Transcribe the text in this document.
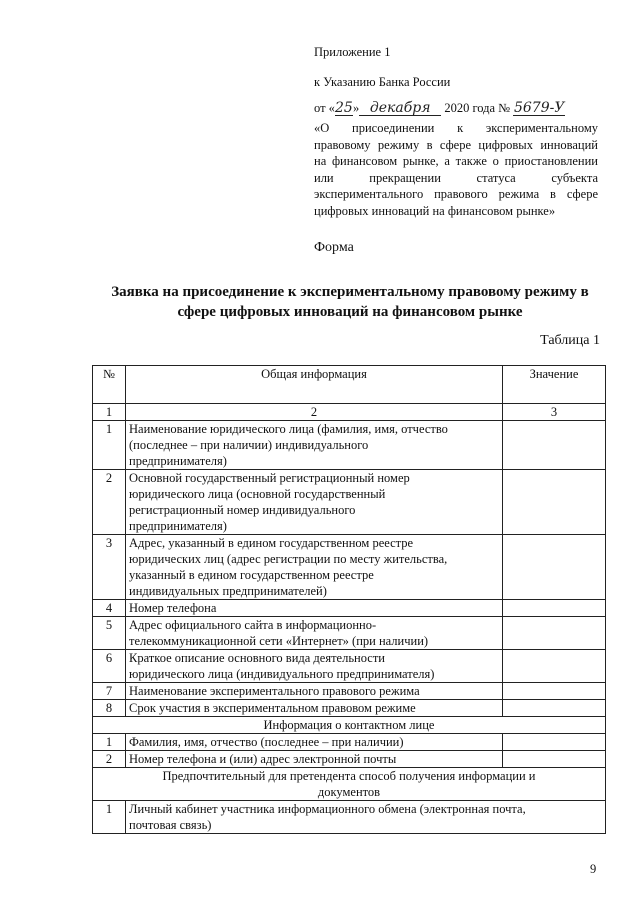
Приложение 1
к Указанию Банка России
от «25» декабря 2020 года № 5679-У
«О присоединении к экспериментальному
правовому режиму в сфере цифровых инноваций
на финансовом рынке, а также о приостановлении
или прекращении статуса субъекта
экспериментального правового режима в сфере
цифровых инноваций на финансовом рынке»
Форма
Заявка на присоединение к экспериментальному правовому режиму в
сфере цифровых инноваций на финансовом рынке
Таблица 1
№	Общая информация	Значение
1	2	3
1	Наименование юридического лица (фамилия, имя, отчество
(последнее – при наличии) индивидуального
предпринимателя)	

2	Основной государственный регистрационный номер
юридического лица (основной государственный
регистрационный номер индивидуального
предпринимателя)	

3	Адрес, указанный в едином государственном реестре
юридических лиц (адрес регистрации по месту жительства,
указанный в едином государственном реестре
индивидуальных предпринимателей)	

4	Номер телефона	

5	Адрес официального сайта в информационно-
телекоммуникационной сети «Интернет» (при наличии)	

6	Краткое описание основного вида деятельности
юридического лица (индивидуального предпринимателя)	

7	Наименование экспериментального правового режима	

8	Срок участия в экспериментальном правовом режиме	

Информация о контактном лице		
1	Фамилия, имя, отчество (последнее – при наличии)	

2	Номер телефона и (или) адрес электронной почты	

Предпочтительный для претендента способ получения информации и
документов		

1	Личный кабинет участника информационного обмена (электронная почта,
почтовая связь)	
9
